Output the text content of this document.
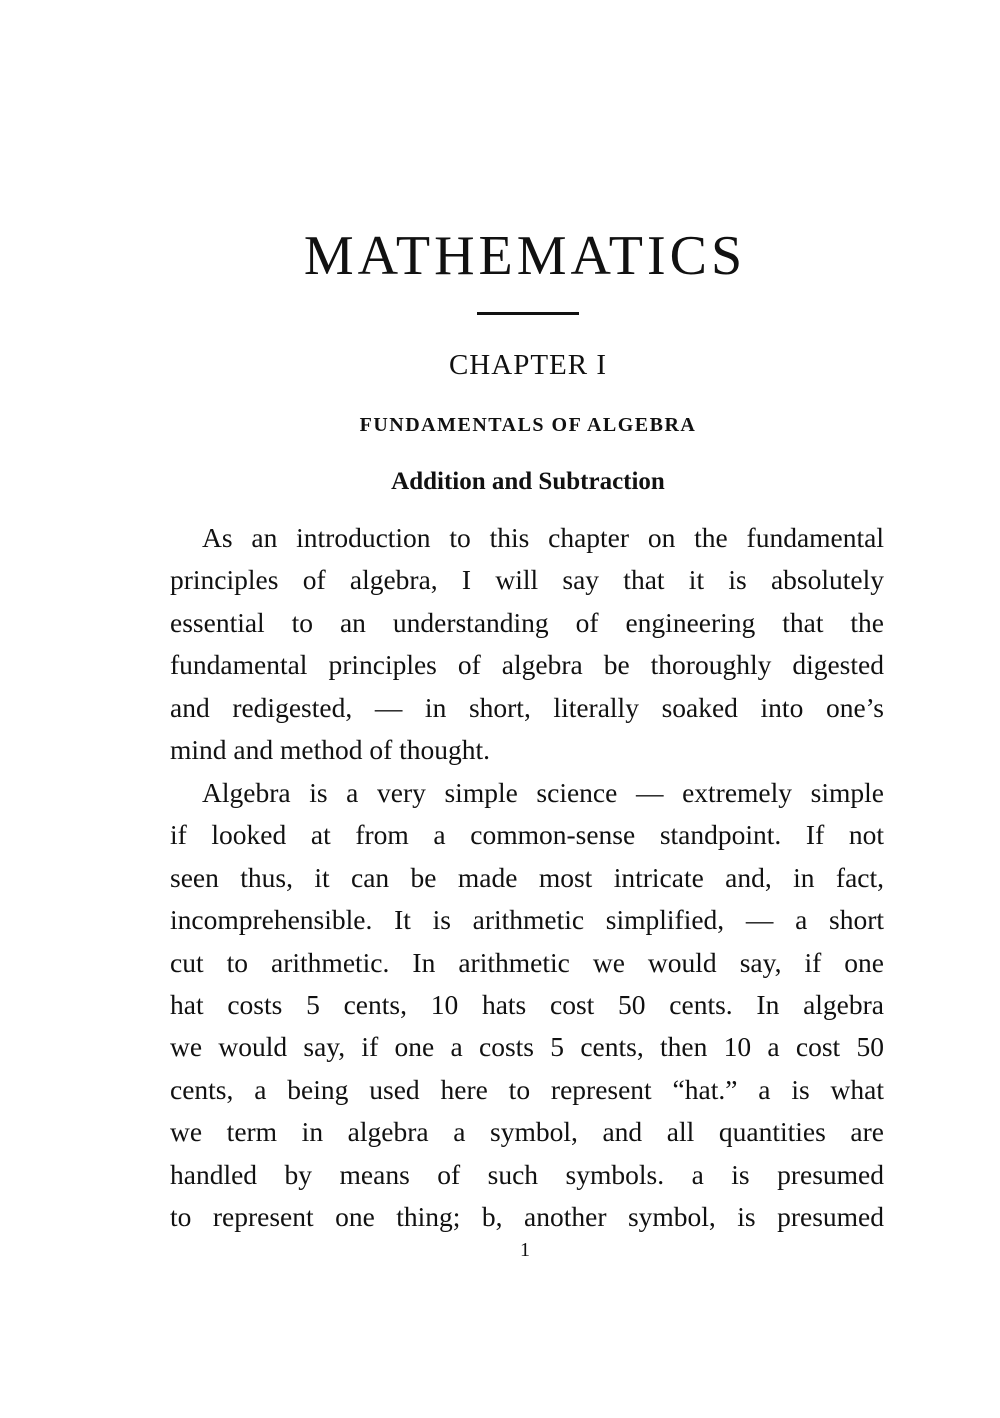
MATHEMATICS
CHAPTER I
FUNDAMENTALS OF ALGEBRA
Addition and Subtraction
As an introduction to this chapter on the fundamental
principles of algebra, I will say that it is absolutely
essential to an understanding of engineering that the
fundamental principles of algebra be thoroughly digested
and redigested, — in short, literally soaked into one’s
mind and method of thought.
Algebra is a very simple science — extremely simple
if looked at from a common-sense standpoint. If not
seen thus, it can be made most intricate and, in fact,
incomprehensible. It is arithmetic simplified, — a short
cut to arithmetic. In arithmetic we would say, if one
hat costs 5 cents, 10 hats cost 50 cents. In algebra
we would say, if one a costs 5 cents, then 10 a cost 50
cents, a being used here to represent “hat.” a is what
we term in algebra a symbol, and all quantities are
handled by means of such symbols. a is presumed
to represent one thing; b, another symbol, is presumed
1
